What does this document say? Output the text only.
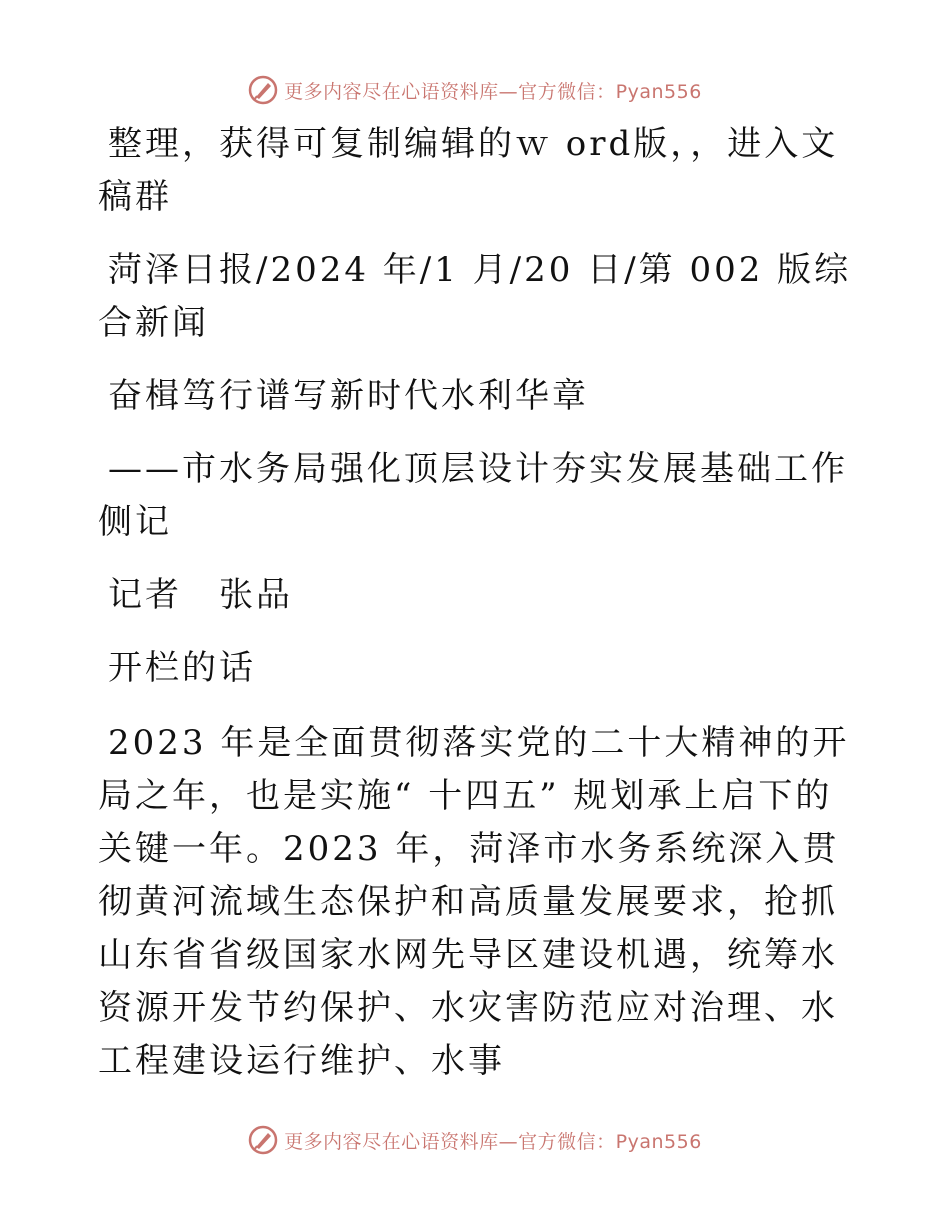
更多内容尽在心语资料库—官方微信：Pyan556

整理，获得可复制编辑的ｗ ord版，，进入文稿群

菏泽日报/2024 年/1 月/20 日/第 002 版综合新闻

奋楫笃行谱写新时代水利华章

——市水务局强化顶层设计夯实发展基础工作侧记

记者　张品

开栏的话

2023 年是全面贯彻落实党的二十大精神的开局之年，也是实施“ 十四五” 规划承上启下的关键一年。2023 年，菏泽市水务系统深入贯彻黄河流域生态保护和高质量发展要求，抢抓山东省省级国家水网先导区建设机遇，统筹水资源开发节约保护、水灾害防范应对治理、水工程建设运行维护、水事

更多内容尽在心语资料库—官方微信：Pyan556
